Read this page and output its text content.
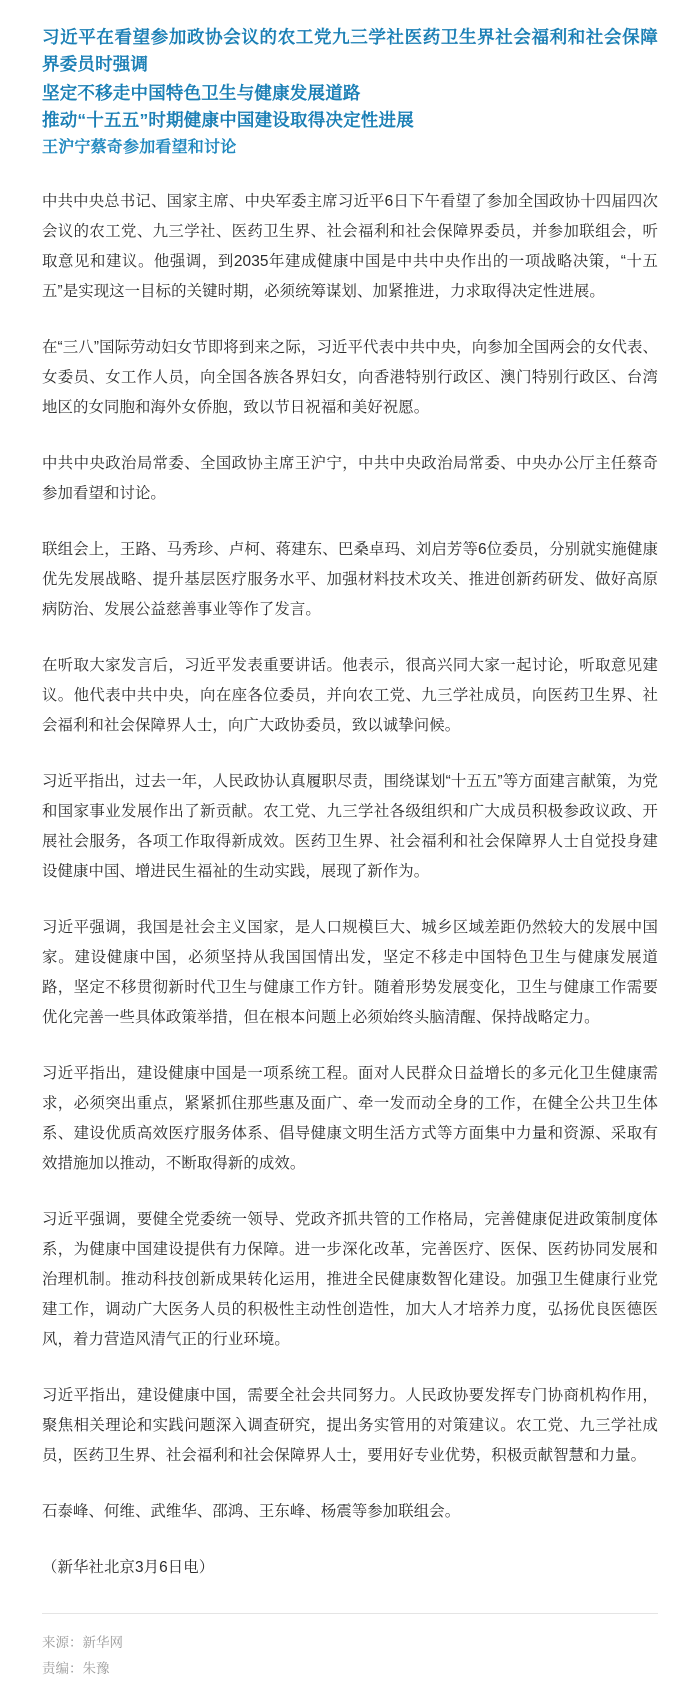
习近平在看望参加政协会议的农工党九三学社医药卫生界社会福利和社会保障界委员时强调
坚定不移走中国特色卫生与健康发展道路
推动“十五五”时期健康中国建设取得决定性进展
王沪宁蔡奇参加看望和讨论

中共中央总书记、国家主席、中央军委主席习近平6日下午看望了参加全国政协十四届四次会议的农工党、九三学社、医药卫生界、社会福利和社会保障界委员，并参加联组会，听取意见和建议。他强调，到2035年建成健康中国是中共中央作出的一项战略决策，“十五五”是实现这一目标的关键时期，必须统筹谋划、加紧推进，力求取得决定性进展。

在“三八”国际劳动妇女节即将到来之际，习近平代表中共中央，向参加全国两会的女代表、女委员、女工作人员，向全国各族各界妇女，向香港特别行政区、澳门特别行政区、台湾地区的女同胞和海外女侨胞，致以节日祝福和美好祝愿。

中共中央政治局常委、全国政协主席王沪宁，中共中央政治局常委、中央办公厅主任蔡奇参加看望和讨论。

联组会上，王路、马秀珍、卢柯、蒋建东、巴桑卓玛、刘启芳等6位委员，分别就实施健康优先发展战略、提升基层医疗服务水平、加强材料技术攻关、推进创新药研发、做好高原病防治、发展公益慈善事业等作了发言。

在听取大家发言后，习近平发表重要讲话。他表示，很高兴同大家一起讨论，听取意见建议。他代表中共中央，向在座各位委员，并向农工党、九三学社成员，向医药卫生界、社会福利和社会保障界人士，向广大政协委员，致以诚挚问候。

习近平指出，过去一年，人民政协认真履职尽责，围绕谋划“十五五”等方面建言献策，为党和国家事业发展作出了新贡献。农工党、九三学社各级组织和广大成员积极参政议政、开展社会服务，各项工作取得新成效。医药卫生界、社会福利和社会保障界人士自觉投身建设健康中国、增进民生福祉的生动实践，展现了新作为。

习近平强调，我国是社会主义国家，是人口规模巨大、城乡区域差距仍然较大的发展中国家。建设健康中国，必须坚持从我国国情出发，坚定不移走中国特色卫生与健康发展道路，坚定不移贯彻新时代卫生与健康工作方针。随着形势发展变化，卫生与健康工作需要优化完善一些具体政策举措，但在根本问题上必须始终头脑清醒、保持战略定力。

习近平指出，建设健康中国是一项系统工程。面对人民群众日益增长的多元化卫生健康需求，必须突出重点，紧紧抓住那些惠及面广、牵一发而动全身的工作，在健全公共卫生体系、建设优质高效医疗服务体系、倡导健康文明生活方式等方面集中力量和资源、采取有效措施加以推动，不断取得新的成效。

习近平强调，要健全党委统一领导、党政齐抓共管的工作格局，完善健康促进政策制度体系，为健康中国建设提供有力保障。进一步深化改革，完善医疗、医保、医药协同发展和治理机制。推动科技创新成果转化运用，推进全民健康数智化建设。加强卫生健康行业党建工作，调动广大医务人员的积极性主动性创造性，加大人才培养力度，弘扬优良医德医风，着力营造风清气正的行业环境。

习近平指出，建设健康中国，需要全社会共同努力。人民政协要发挥专门协商机构作用，聚焦相关理论和实践问题深入调查研究，提出务实管用的对策建议。农工党、九三学社成员，医药卫生界、社会福利和社会保障界人士，要用好专业优势，积极贡献智慧和力量。

石泰峰、何维、武维华、邵鸿、王东峰、杨震等参加联组会。

（新华社北京3月6日电）

来源：新华网

责编：朱豫
